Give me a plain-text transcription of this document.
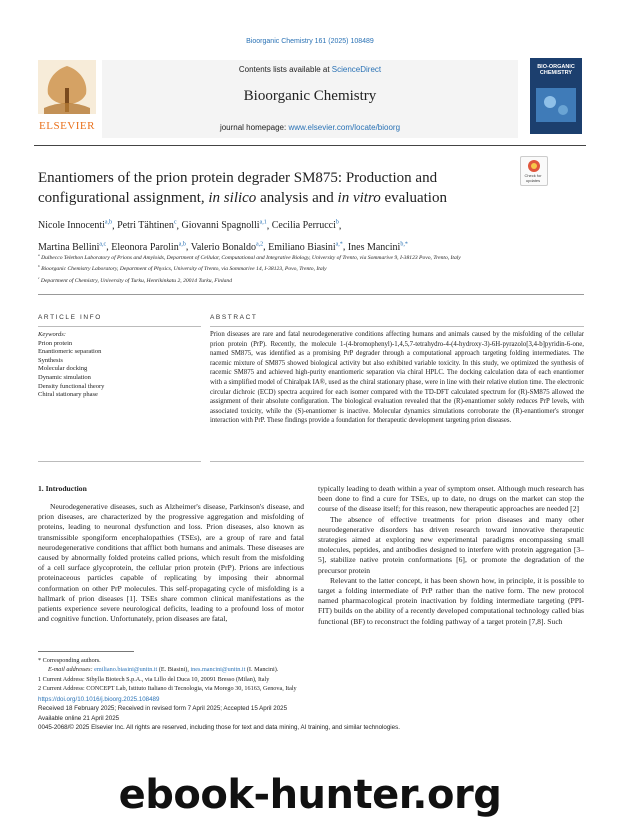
Bioorganic Chemistry 161 (2025) 108489
ELSEVIER
Contents lists available at ScienceDirect
Bioorganic Chemistry
journal homepage: www.elsevier.com/locate/bioorg
BIO-ORGANIC CHEMISTRY
Check for updates
Enantiomers of the prion protein degrader SM875: Production and
configurational assignment, in silico analysis and in vitro evaluation
Nicole Innocenti$^{a,b}$, Petri Tähtinen$^c$, Giovanni Spagnolli$^{a,1}$, Cecilia Perrucci$^b$,
Martina Bellini$^{a,c}$, Eleonora Parolin$^{a,b}$, Valerio Bonaldo$^{a,2}$, Emiliano Biasini$^{a,*}$, Ines Mancini$^{b,*}$
$^a$ Dulbecco Telethon Laboratory of Prions and Amyloids, Department of Cellular, Computational and Integrative Biology, University of Trento, via Sommarive 9, I-38123 Povo, Trento, Italy
$^b$ Bioorganic Chemistry Laboratory, Department of Physics, University of Trento, via Sommarive 14, I-38123, Povo, Trento, Italy
$^c$ Department of Chemistry, University of Turku, Henrikinkatu 2, 20014 Turku, Finland
ARTICLE INFO	ABSTRACT
Keywords:
Prion protein
Enantiomeric separation
Synthesis
Molecular docking
Dynamic simulation
Density functional theory
Chiral stationary phase
Prion diseases are rare and fatal neurodegenerative conditions affecting humans and animals caused by the misfolding of the cellular prion protein (PrP). Recently, the molecule 1-(4-bromophenyl)-1,4,5,7-tetrahydro-4-(4-hydroxy-3)-6H-pyrazolo[3,4-b]pyridin-6-one, named SM875, was identified as a promising PrP degrader through a computational approach targeting folding intermediates. The racemic mixture of SM875 showed biological activity but also exhibited variable toxicity. In this study, we optimized the synthesis of racemic SM875 and achieved high-purity enantiomeric separation via chiral HPLC. The docking calculation data of each enantiomer with a simplified model of Chiralpak IA®, used as the chiral stationary phase, were in line with their relative elution time. The electronic circular dichroic (ECD) spectra acquired for each isomer compared with the TD-DFT calculated spectrum for (R)-SM875 allowed the assignment of their absolute configuration. The biological evaluation revealed that the (R)-enantiomer solely reduces PrP levels, with associated toxicity, while the (S)-enantiomer is inactive. Molecular dynamics simulations corroborate the (R)-enantiomer's stronger interaction with PrP. These findings provide a foundation for therapeutic development targeting prion diseases.
1. Introduction

Neurodegenerative diseases, such as Alzheimer's disease, Parkinson's disease, and prion diseases, are characterized by the progressive aggregation and misfolding of proteins, leading to neuronal dysfunction and loss. Prion diseases, also known as transmissible spongiform encephalopathies (TSEs), are a group of rare and fatal neurodegenerative conditions that afflict both humans and animals. These diseases are caused by abnormally folded proteins called prions, which result from the misfolding of a cell surface glycoprotein, the cellular prion protein (PrP). Prions are infectious proteinaceous particles capable of replicating by imposing their abnormal conformation on other PrP molecules. This self-propagating cycle of misfolding is a hallmark of prion diseases [1]. TSEs share common clinical manifestations as the patients experience severe neurological deficits, leading to a profound loss of motor and cognitive function. Unfortunately, prion diseases are fatal,

typically leading to death within a year of symptom onset. Although much research has been done to find a cure for TSEs, up to date, no drugs on the market can stop the course of the disease itself; for this reason, new therapeutic approaches are needed [2]

The absence of effective treatments for prion diseases and many other neurodegenerative disorders has driven research toward innovative therapeutic strategies aimed at exploring new experimental paradigms encompassing small molecules, peptides, and antibodies designed to interfere with protein aggregation [3–5], stabilize native protein conformations [6], or promote the degradation of the precursor protein

Relevant to the latter concept, it has been shown how, in principle, it is possible to target a folding intermediate of PrP rather than the native form. The new protocol named pharmacological protein inactivation by folding intermediate targeting (PPI-FIT) builds on the ability of a recently developed computational technology called bias functional (BF) to reconstruct the folding pathway of a target protein [7,8]. Such

* Corresponding authors.
E-mail addresses: emiliano.biasini@unitn.it (E. Biasini), ines.mancini@unitn.it (I. Mancini).
1 Current Address: Sibylla Biotech S.p.A., via Lillo del Duca 10, 20091 Bresso (Milan), Italy
2 Current Address: CONCEPT Lab, Istituto Italiano di Tecnologia, via Morego 30, 16163, Genova, Italy
https://doi.org/10.1016/j.bioorg.2025.108489
Received 18 February 2025; Received in revised form 7 April 2025; Accepted 15 April 2025
Available online 21 April 2025
0045-2068/© 2025 Elsevier Inc. All rights are reserved, including those for text and data mining, AI training, and similar technologies.
ebook-hunter.org
